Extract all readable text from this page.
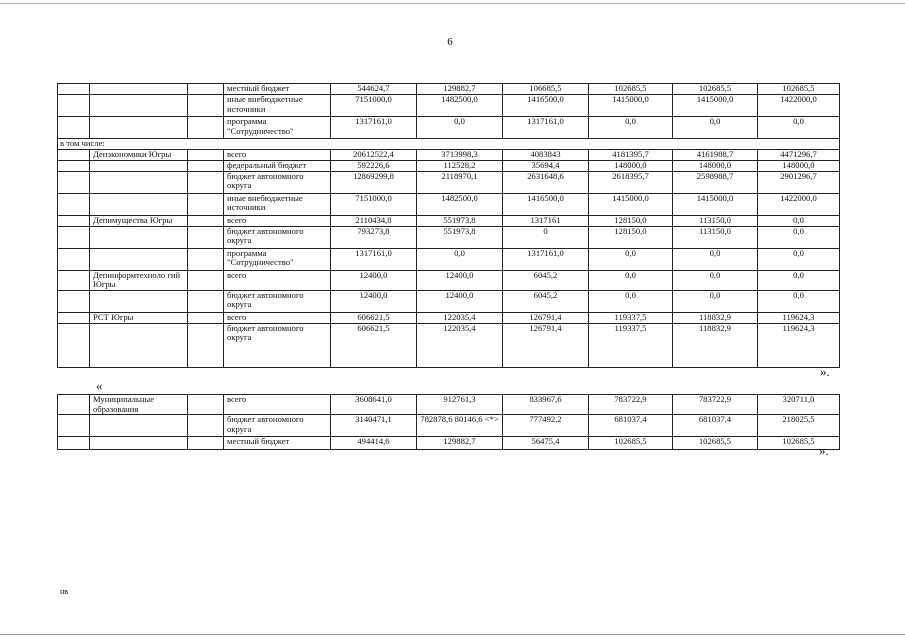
6
			местный бюджет	544624,7	129882,7	106685,5	102685,5	102685,5	102685,5
			иные внебюджетные источники	7151000,0	1482500,0	1416500,0	1415000,0	1415000,0	1422000,0
			программа "Сотрудничество"	1317161,0	0,0	1317161,0	0,0	0,0	0,0
в том числе:									
	Депэкономики Югры		всего	20612522,4	3713998,3	4083843	4181395,7	4161988,7	4471296,7
			федеральный бюджет	592226,6	112528,2	35694,4	148000,0	148000,0	148000,0
			бюджет автономного округа	12869299,8	2118970,1	2631648,6	2618395,7	2598988,7	2901296,7
			иные внебюджетные источники	7151000,0	1482500,0	1416500,0	1415000,0	1415000,0	1422000,0
	Депимущества Югры		всего	2110434,8	551973,8	1317161	128150,0	113150,0	0,0
			бюджет автономного округа	793273,8	551973,8	0	128150,0	113150,0	0,0
			программа "Сотрудничество"	1317161,0	0,0	1317161,0	0,0	0,0	0,0
	Депинформтехноло гий Югры		всего	12400,0	12400,0	6045,2	0,0	0,0	0,0
			бюджет автономного округа	12400,0	12400,0	6045,2	0,0	0,0	0,0
	РСТ Югры		всего	606621,5	122035,4	126791,4	119337,5	118832,9	119624,3
			бюджет автономного округа	606621,5	122035,4	126791,4	119337,5	118832,9	119624,3
».
«
	Муниципальные образования		всего	3608641,0	912761,3	833967,6	783722,9	783722,9	320711,0
			бюджет автономного округа	3140471,1	782878,6 80146,6 <*>	777492,2	681037,4	681037,4	218025,5
			местный бюджет	494414,6	129882,7	56475,4	102685,5	102685,5	102685,5
».
нв
